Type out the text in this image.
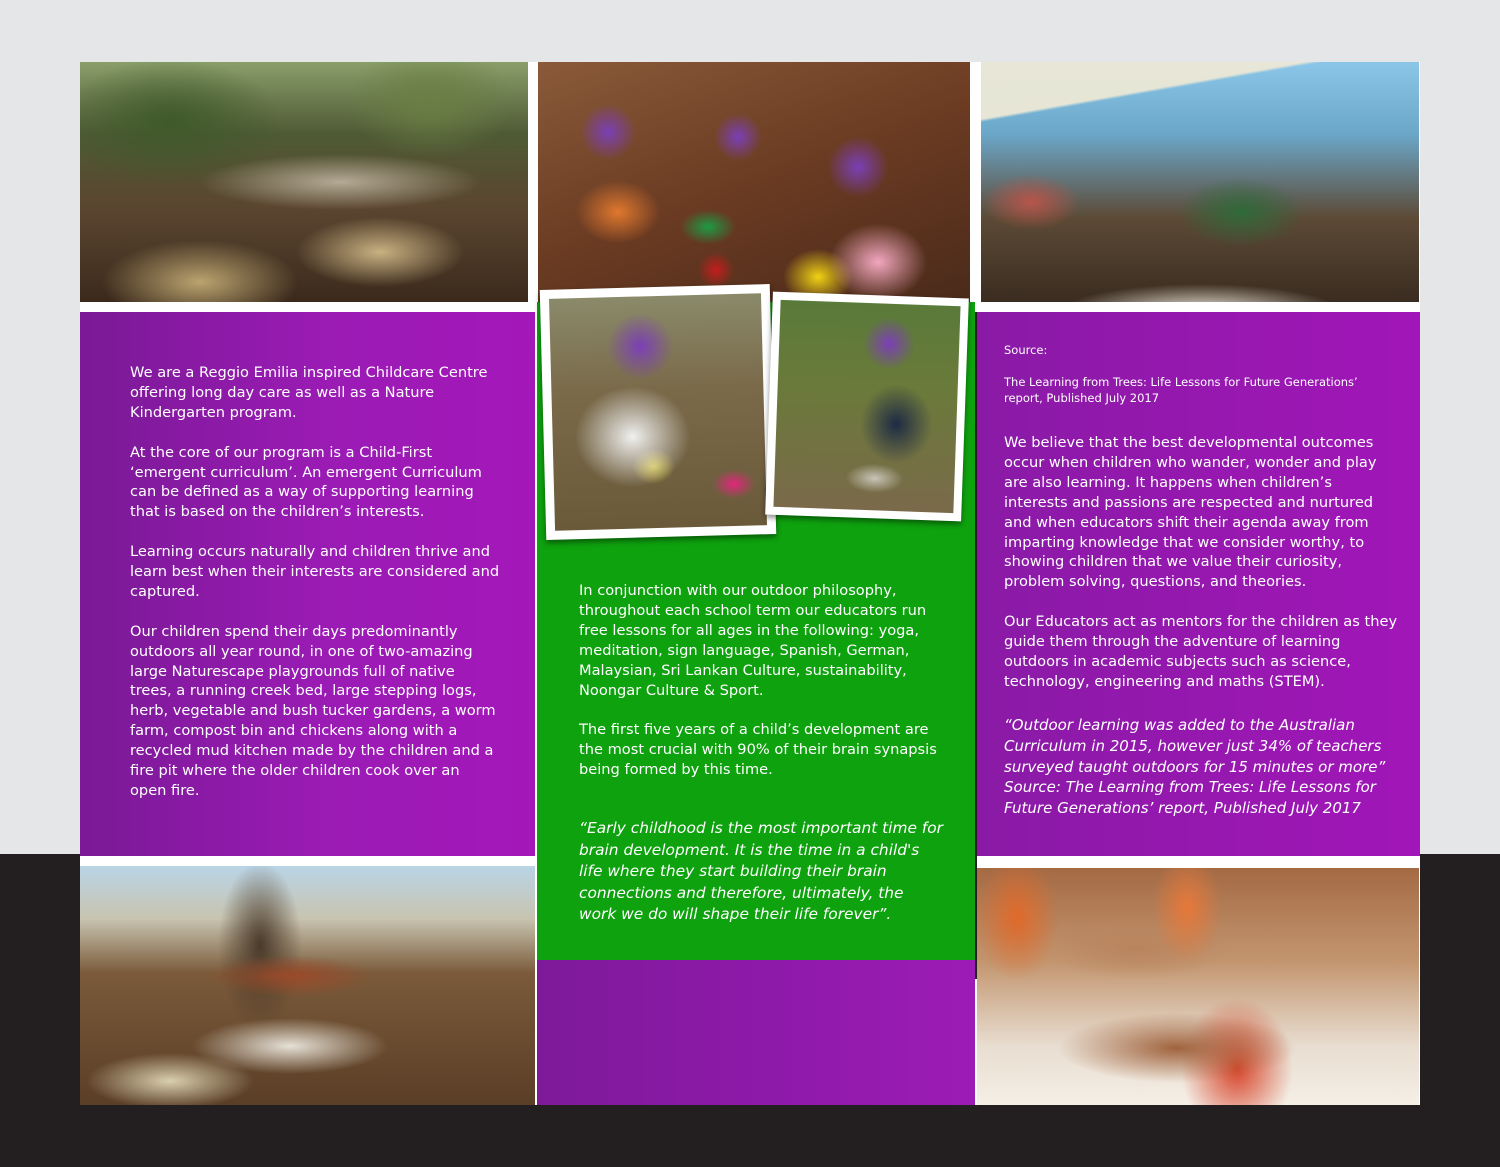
We are a Reggio Emilia inspired Childcare Centre offering long day care as well as a Nature Kindergarten program.

At the core of our program is a Child-First ‘emergent curriculum’. An emergent Curriculum can be defined as a way of supporting learning that is based on the children’s interests.

Learning occurs naturally and children thrive and learn best when their interests are considered and captured.

Our children spend their days predominantly outdoors all year round, in one of two-amazing large Naturescape playgrounds full of native trees, a running creek bed, large stepping logs, herb, vegetable and bush tucker gardens, a worm farm, compost bin and chickens along with a recycled mud kitchen made by the children and a fire pit where the older children cook over an open fire.

In conjunction with our outdoor philosophy, throughout each school term our educators run free lessons for all ages in the following: yoga, meditation, sign language, Spanish, German, Malaysian, Sri Lankan Culture, sustainability, Noongar Culture & Sport.

The first five years of a child’s development are the most crucial with 90% of their brain synapsis being formed by this time.

“Early childhood is the most important time for brain development. It is the time in a child's life where they start building their brain connections and therefore, ultimately, the work we do will shape their life forever”.
Source:
The Learning from Trees: Life Lessons for Future Generations’ report, Published July 2017

We believe that the best developmental outcomes occur when children who wander, wonder and play are also learning. It happens when children’s interests and passions are respected and nurtured and when educators shift their agenda away from imparting knowledge that we consider worthy, to showing children that we value their curiosity, problem solving, questions, and theories.

Our Educators act as mentors for the children as they guide them through the adventure of learning outdoors in academic subjects such as science, technology, engineering and maths (STEM).

“Outdoor learning was added to the Australian Curriculum in 2015, however just 34% of teachers surveyed taught outdoors for 15 minutes or more” Source: The Learning from Trees: Life Lessons for Future Generations’ report, Published July 2017
